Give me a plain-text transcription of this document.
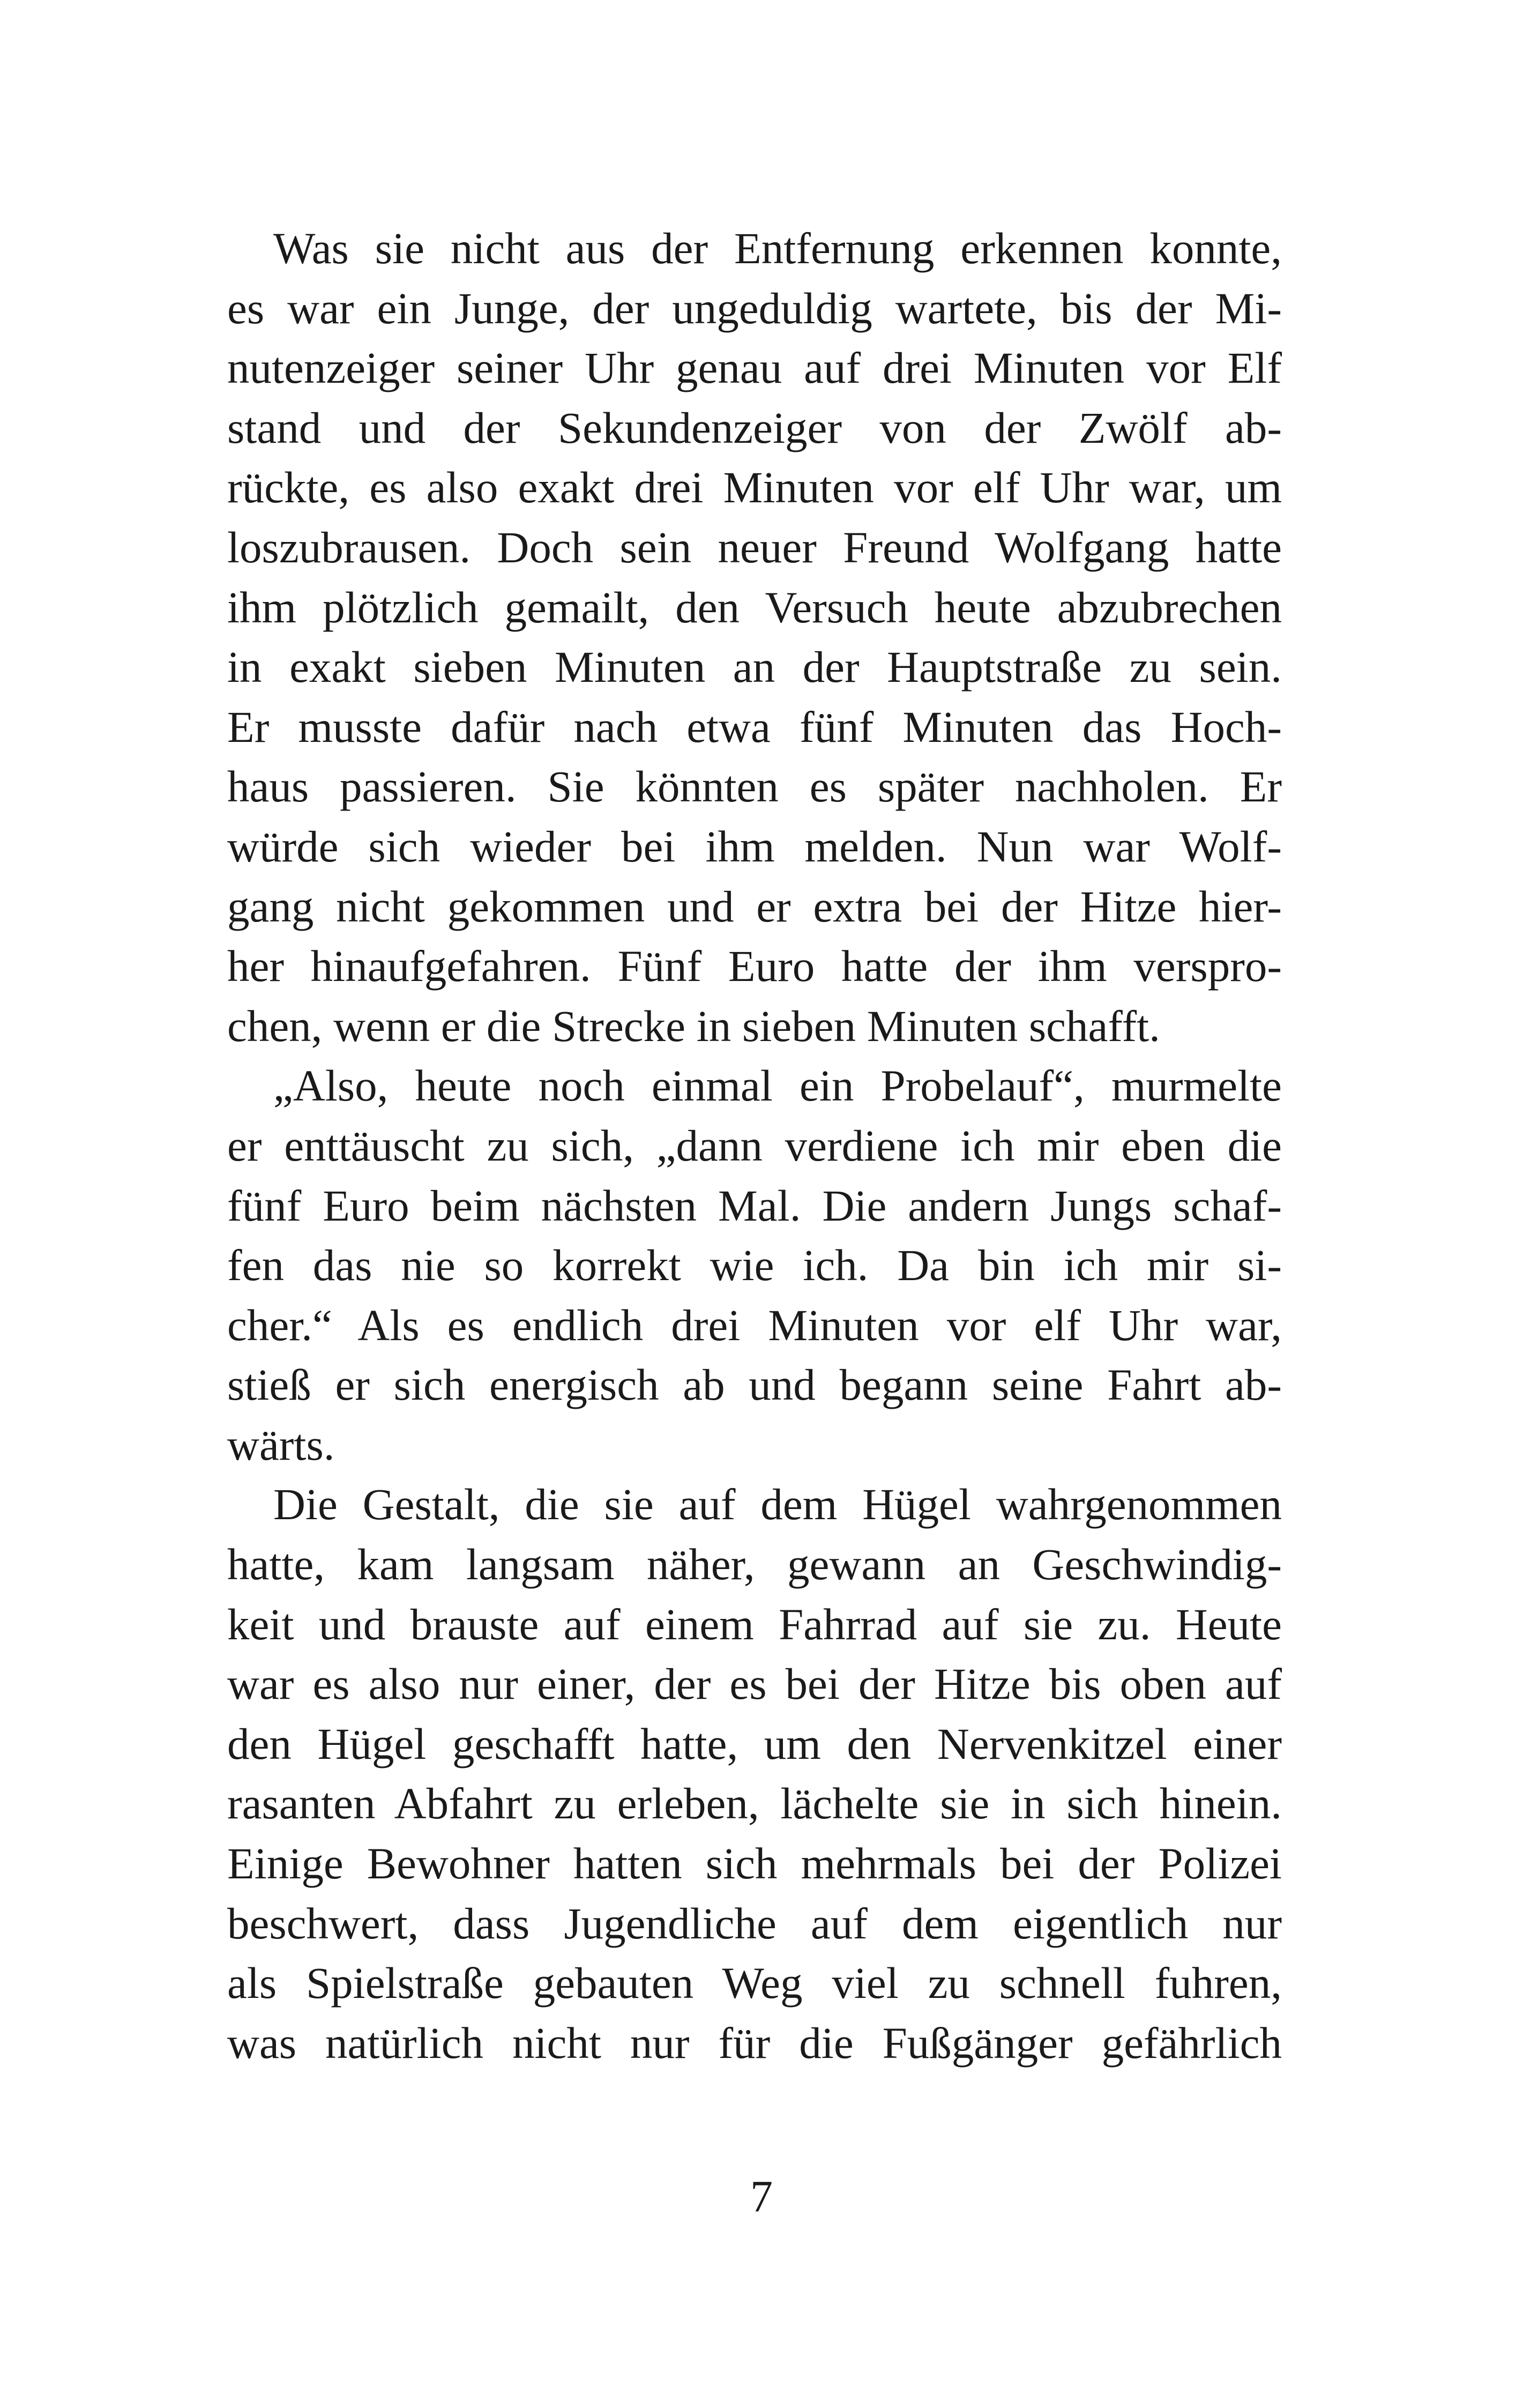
Was sie nicht aus der Entfernung erkennen konnte,
es war ein Junge, der ungeduldig wartete, bis der Mi-
nutenzeiger seiner Uhr genau auf drei Minuten vor Elf
stand und der Sekundenzeiger von der Zwölf ab-
rückte, es also exakt drei Minuten vor elf Uhr war, um
loszubrausen. Doch sein neuer Freund Wolfgang hatte
ihm plötzlich gemailt, den Versuch heute abzubrechen
in exakt sieben Minuten an der Hauptstraße zu sein.
Er musste dafür nach etwa fünf Minuten das Hoch-
haus passieren. Sie könnten es später nachholen. Er
würde sich wieder bei ihm melden. Nun war Wolf-
gang nicht gekommen und er extra bei der Hitze hier-
her hinaufgefahren. Fünf Euro hatte der ihm verspro-
chen, wenn er die Strecke in sieben Minuten schafft.
„Also, heute noch einmal ein Probelauf“, murmelte
er enttäuscht zu sich, „dann verdiene ich mir eben die
fünf Euro beim nächsten Mal. Die andern Jungs schaf-
fen das nie so korrekt wie ich. Da bin ich mir si-
cher.“ Als es endlich drei Minuten vor elf Uhr war,
stieß er sich energisch ab und begann seine Fahrt ab-
wärts.
Die Gestalt, die sie auf dem Hügel wahrgenommen
hatte, kam langsam näher, gewann an Geschwindig-
keit und brauste auf einem Fahrrad auf sie zu. Heute
war es also nur einer, der es bei der Hitze bis oben auf
den Hügel geschafft hatte, um den Nervenkitzel einer
rasanten Abfahrt zu erleben, lächelte sie in sich hinein.
Einige Bewohner hatten sich mehrmals bei der Polizei
beschwert, dass Jugendliche auf dem eigentlich nur
als Spielstraße gebauten Weg viel zu schnell fuhren,
was natürlich nicht nur für die Fußgänger gefährlich
7
